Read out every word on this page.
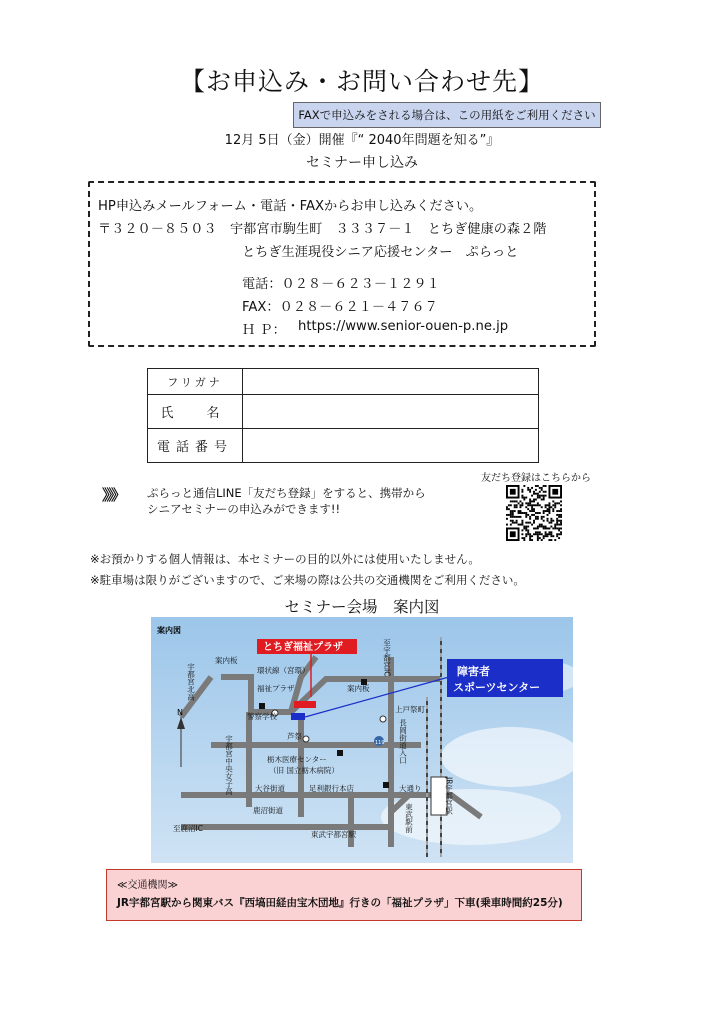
【お申込み・お問い合わせ先】
FAXで申込みをされる場合は、この用紙をご利用ください
12月 5日（金）開催『“ 2040年問題を知る”』
セミナー申し込み
HP申込みメールフォーム・電話・FAXからお申し込みください。
〒３２０－８５０３ 宇都宮市駒生町　３３３７－１　とちぎ健康の森２階
とちぎ生涯現役シニア応援センター　ぷらっと
電話：０２８－６２３－１２９１
FAX：０２８－６２１－４７６７
Ｈ Ｐ： https://www.senior-ouen-p.ne.jp
フリガナ	
氏　名	
電話番号	
》》》 ぷらっと通信LINE「友だち登録」をすると、携帯から
シニアセミナーの申込みができます!!
友だち登録はこちらから
※お預かりする個人情報は、本セミナーの目的以外には使用いたしません。
※駐車場は限りがございますので、ご来場の際は公共の交通機関をご利用ください。
セミナー会場　案内図
案内図
とちぎ福祉プラザ
障害者
スポーツセンター
119
N
案内板
環状線（宮環）
福祉プラザ	案内板
警察学校
芦祭
上戸祭町
栃木医療センター
（旧 国立栃木病院）
大谷街道	足利銀行本店	大通り
鹿沼街道
至鹿沼IC
東武宇都宮駅
至宇都宮IC
長岡街道入口
JR宇都宮駅
東武駅前
宇都宮中央女子高
宇都宮北高
≪交通機関≫
JR宇都宮駅から関東バス『西塙田経由宝木団地』行きの「福祉プラザ」下車(乗車時間約25分)
